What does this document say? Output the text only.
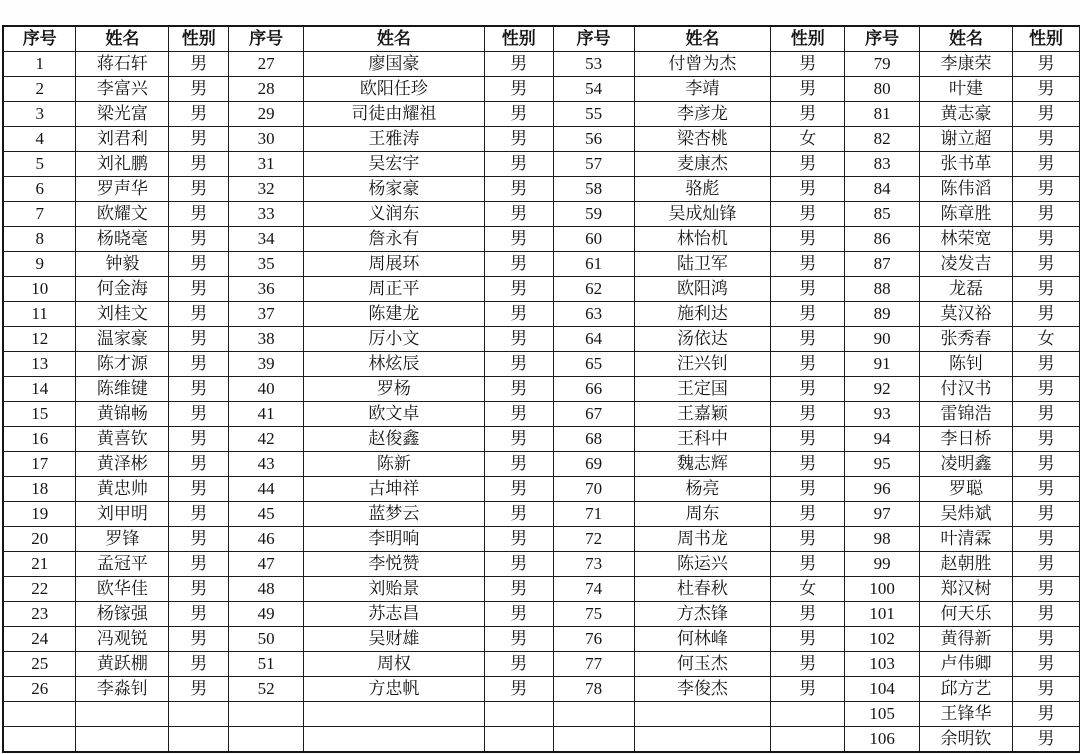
序号	姓名	性别	序号	姓名	性别	序号	姓名	性别	序号	姓名	性别
1	蒋石轩	男	27	廖国豪	男	53	付曾为杰	男	79	李康荣	男
2	李富兴	男	28	欧阳任珍	男	54	李靖	男	80	叶建	男
3	梁光富	男	29	司徒由耀祖	男	55	李彦龙	男	81	黄志豪	男
4	刘君利	男	30	王雅涛	男	56	梁杏桃	女	82	谢立超	男
5	刘礼鹏	男	31	吴宏宇	男	57	麦康杰	男	83	张书革	男
6	罗声华	男	32	杨家豪	男	58	骆彪	男	84	陈伟滔	男
7	欧耀文	男	33	义润东	男	59	吴成灿锋	男	85	陈章胜	男
8	杨晓毫	男	34	詹永有	男	60	林怡机	男	86	林荣宽	男
9	钟毅	男	35	周展环	男	61	陆卫军	男	87	凌发吉	男
10	何金海	男	36	周正平	男	62	欧阳鸿	男	88	龙磊	男
11	刘桂文	男	37	陈建龙	男	63	施利达	男	89	莫汉裕	男
12	温家豪	男	38	厉小文	男	64	汤依达	男	90	张秀春	女
13	陈才源	男	39	林炫辰	男	65	汪兴钊	男	91	陈钊	男
14	陈维键	男	40	罗杨	男	66	王定国	男	92	付汉书	男
15	黄锦畅	男	41	欧文卓	男	67	王嘉颖	男	93	雷锦浩	男
16	黄喜钦	男	42	赵俊鑫	男	68	王科中	男	94	李日桥	男
17	黄泽彬	男	43	陈新	男	69	魏志辉	男	95	凌明鑫	男
18	黄忠帅	男	44	古坤祥	男	70	杨亮	男	96	罗聪	男
19	刘甲明	男	45	蓝梦云	男	71	周东	男	97	吴炜斌	男
20	罗锋	男	46	李明响	男	72	周书龙	男	98	叶清霖	男
21	孟冠平	男	47	李悦赞	男	73	陈运兴	男	99	赵朝胜	男
22	欧华佳	男	48	刘贻景	男	74	杜春秋	女	100	郑汉树	男
23	杨镓强	男	49	苏志昌	男	75	方杰锋	男	101	何天乐	男
24	冯观锐	男	50	吴财雄	男	76	何林峰	男	102	黄得新	男
25	黄跃棚	男	51	周权	男	77	何玉杰	男	103	卢伟卿	男
26	李淼钊	男	52	方忠帆	男	78	李俊杰	男	104	邱方艺	男
									105	王锋华	男
									106	余明钦	男
